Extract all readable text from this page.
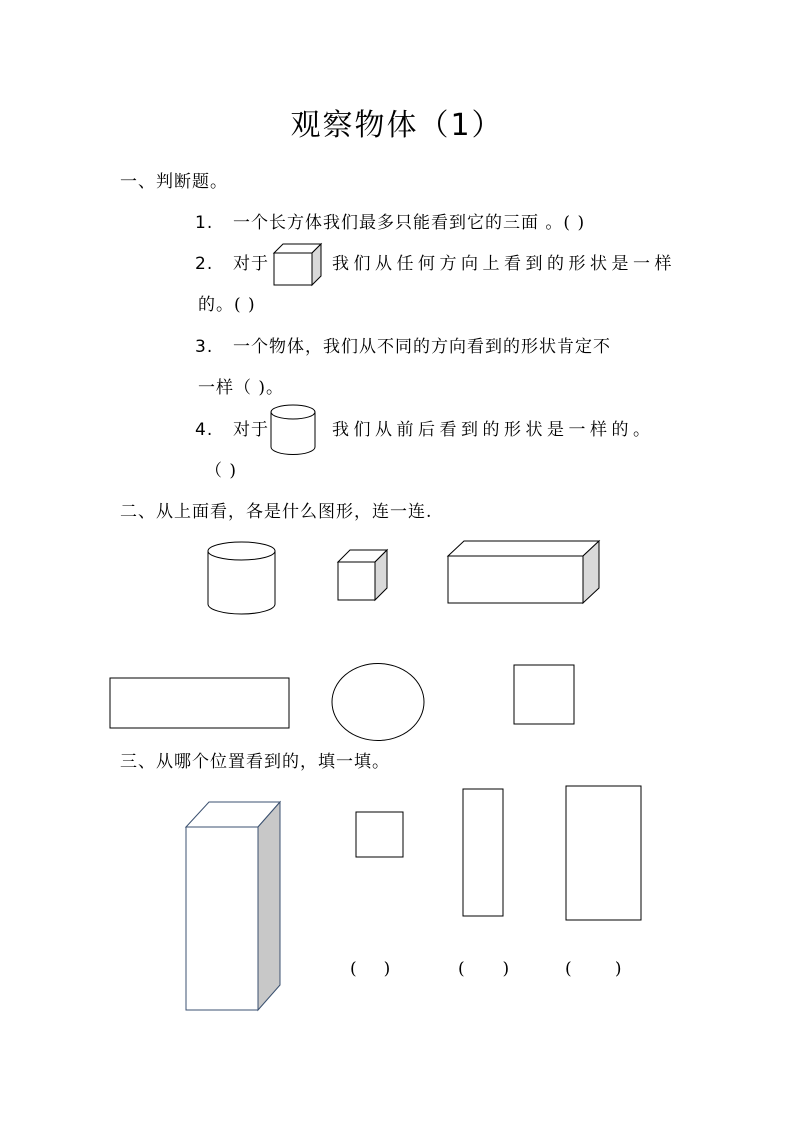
观察物体（1）
一、判断题。
1. 一个长方体我们最多只能看到它的三面 。( )
2. 对于	我们从任何方向上看到的形状是一样
的。( )
3. 一个物体，我们从不同的方向看到的形状肯定不
一样（ )。
4. 对于	我们从前后看到的形状是一样的。
（ )
二、从上面看，各是什么图形，连一连.
三、从哪个位置看到的，填一填。
(     )	(       )	(        )
